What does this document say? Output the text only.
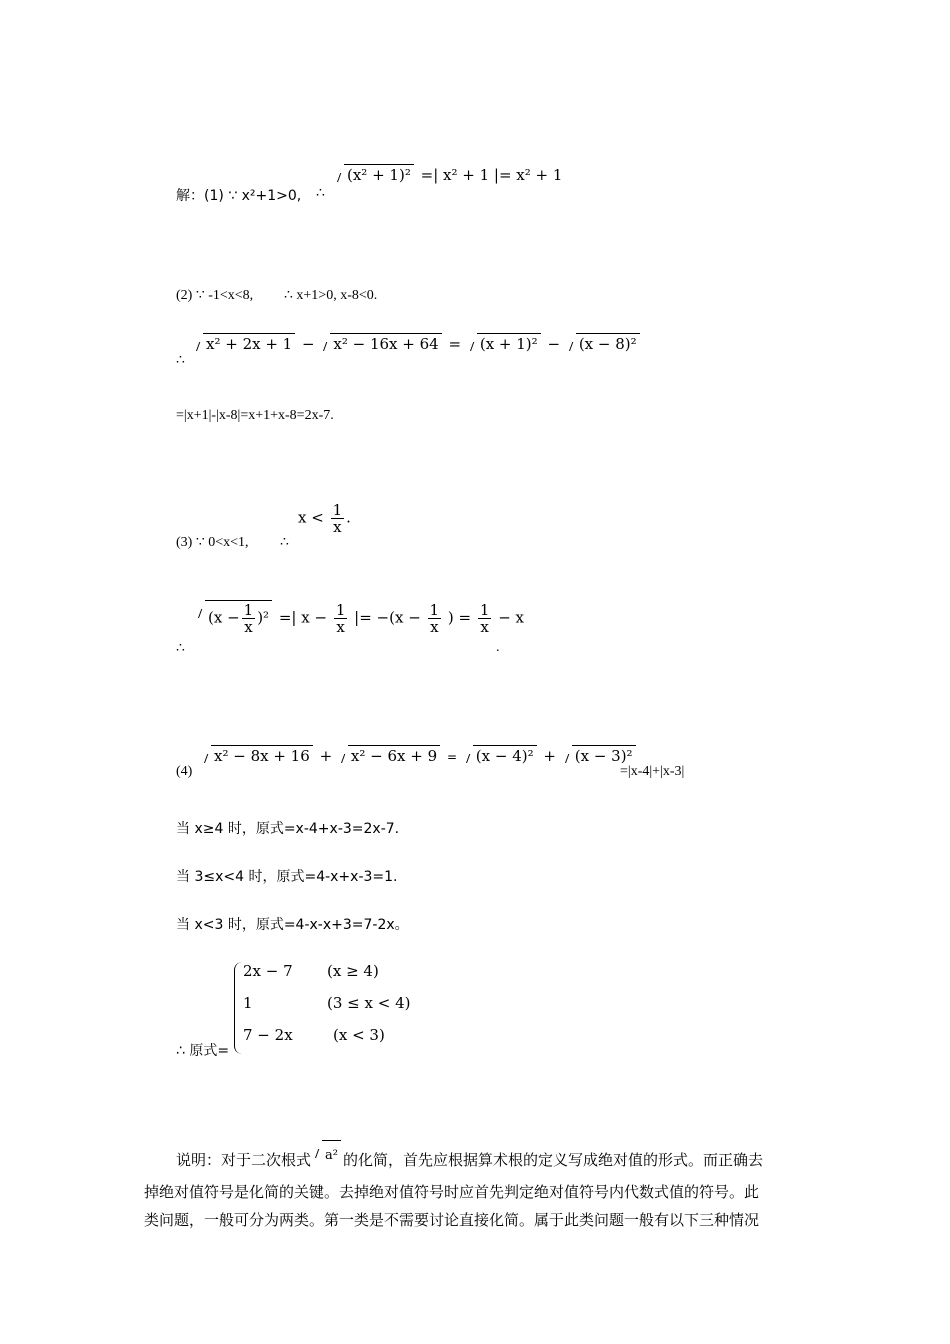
解：(1) ∵ x²+1>0, ∴
(x² + 1)² =| x² + 1 |= x² + 1
(2) ∵ -1<x<8, ∴ x+1>0, x-8<0.
∴
x² + 2x + 1 − x² − 16x + 64 = (x + 1)² − (x − 8)²
=|x+1|-|x-8|=x+1+x-8=2x-7.
(3) ∵ 0<x<1, ∴
$x < \frac{1}{x}$ .
∴
$(x - \frac{1}{x} )^2$ =| $x - \frac{1}{x}$ |= $-(x - \frac{1}{x}$ ) = $\frac{1}{x} - x$
.
(4)
x² − 8x + 16 + x² − 6x + 9 = (x − 4)² + (x − 3)²
=|x-4|+|x-3|
当 x≥4 时，原式=x-4+x-3=2x-7.
当 3≤x<4 时，原式=4-x+x-3=1.
当 x<3 时，原式=4-x-x+3=7-2x。
∴ 原式=
2x − 7 (x ≥ 4)
1	(3 ≤ x < 4)
7 − 2x	(x < 3)
说明：对于二次根式 a² 的化简，首先应根据算术根的定义写成绝对值的形式。而正确去
掉绝对值符号是化简的关键。去掉绝对值符号时应首先判定绝对值符号内代数式值的符号。此
类问题，一般可分为两类。第一类是不需要讨论直接化简。属于此类问题一般有以下三种情况
